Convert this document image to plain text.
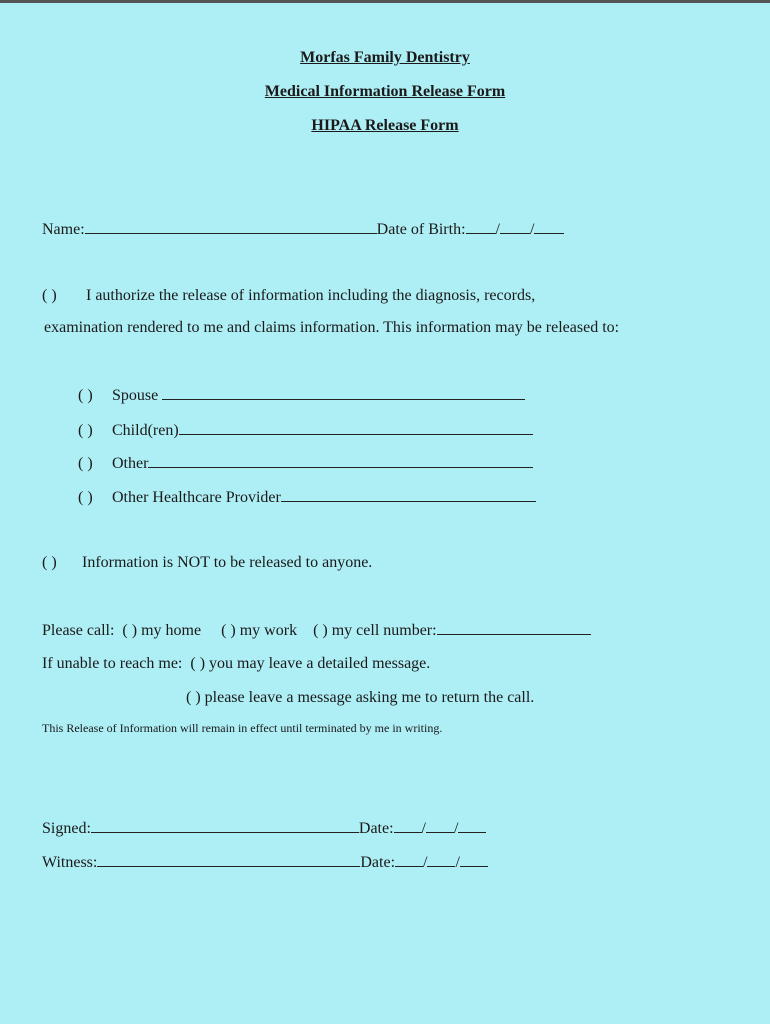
Morfas Family Dentistry
Medical Information Release Form
HIPAA Release Form
Name:	Date of Birth: / /
( ) I authorize the release of information including the diagnosis, records,
examination rendered to me and claims information. This information may be released to:
( ) Spouse
( ) Child(ren)
( ) Other
( ) Other Healthcare Provider
( ) Information is NOT to be released to anyone.
Please call: ( ) my home ( ) my work ( ) my cell number:
If unable to reach me: ( ) you may leave a detailed message.
( ) please leave a message asking me to return the call.
This Release of Information will remain in effect until terminated by me in writing.
Signed:	Date: / /
Witness:	Date: / /
